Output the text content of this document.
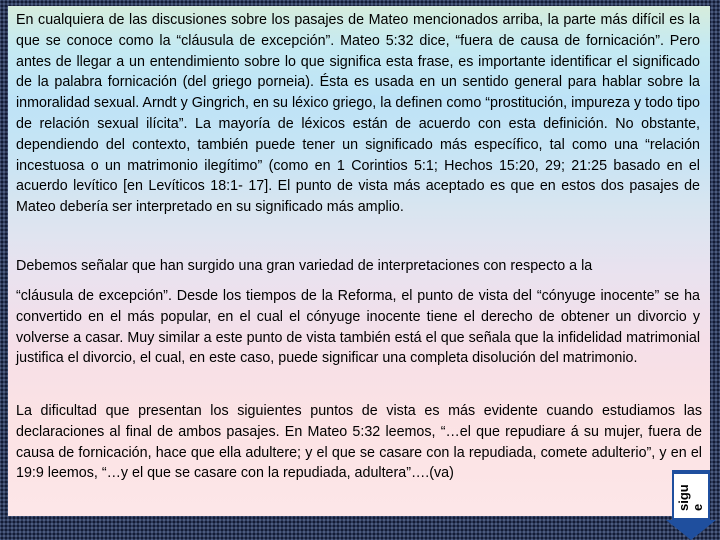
En cualquiera de las discusiones sobre los pasajes de Mateo mencionados arriba, la parte más difícil es la que se conoce como la “cláusula de excepción”. Mateo 5:32 dice, “fuera de causa de fornicación”. Pero antes de llegar a un entendimiento sobre lo que significa esta frase, es importante identificar el significado de la palabra fornicación (del griego porneia). Ésta es usada en un sentido general para hablar sobre la inmoralidad sexual. Arndt y Gingrich, en su léxico griego, la definen como “prostitución, impureza y todo tipo de relación sexual ilícita”. La mayoría de léxicos están de acuerdo con esta definición. No obstante, dependiendo del contexto, también puede tener un significado más específico, tal como una “relación incestuosa o un matrimonio ilegítimo” (como en 1 Corintios 5:1; Hechos 15:20, 29; 21:25 basado en el acuerdo levítico [en Levíticos 18:1- 17]. El punto de vista más aceptado es que en estos dos pasajes de Mateo debería ser interpretado en su significado más amplio.

Debemos señalar que han surgido una gran variedad de interpretaciones con respecto a la

“cláusula de excepción”. Desde los tiempos de la Reforma, el punto de vista del “cónyuge inocente” se ha convertido en el más popular, en el cual el cónyuge inocente tiene el derecho de obtener un divorcio y volverse a casar. Muy similar a este punto de vista también está el que señala que la infidelidad matrimonial justifica el divorcio, el cual, en este caso, puede significar una completa disolución del matrimonio.

La dificultad que presentan los siguientes puntos de vista es más evidente cuando estudiamos las declaraciones al final de ambos pasajes. En Mateo 5:32 leemos, “…el que repudiare á su mujer, fuera de causa de fornicación, hace que ella adultere; y el que se casare con la repudiada, comete adulterio”, y en el 19:9 leemos, “…y el que se casare con la repudiada, adultera”….(va)

sigu
e
